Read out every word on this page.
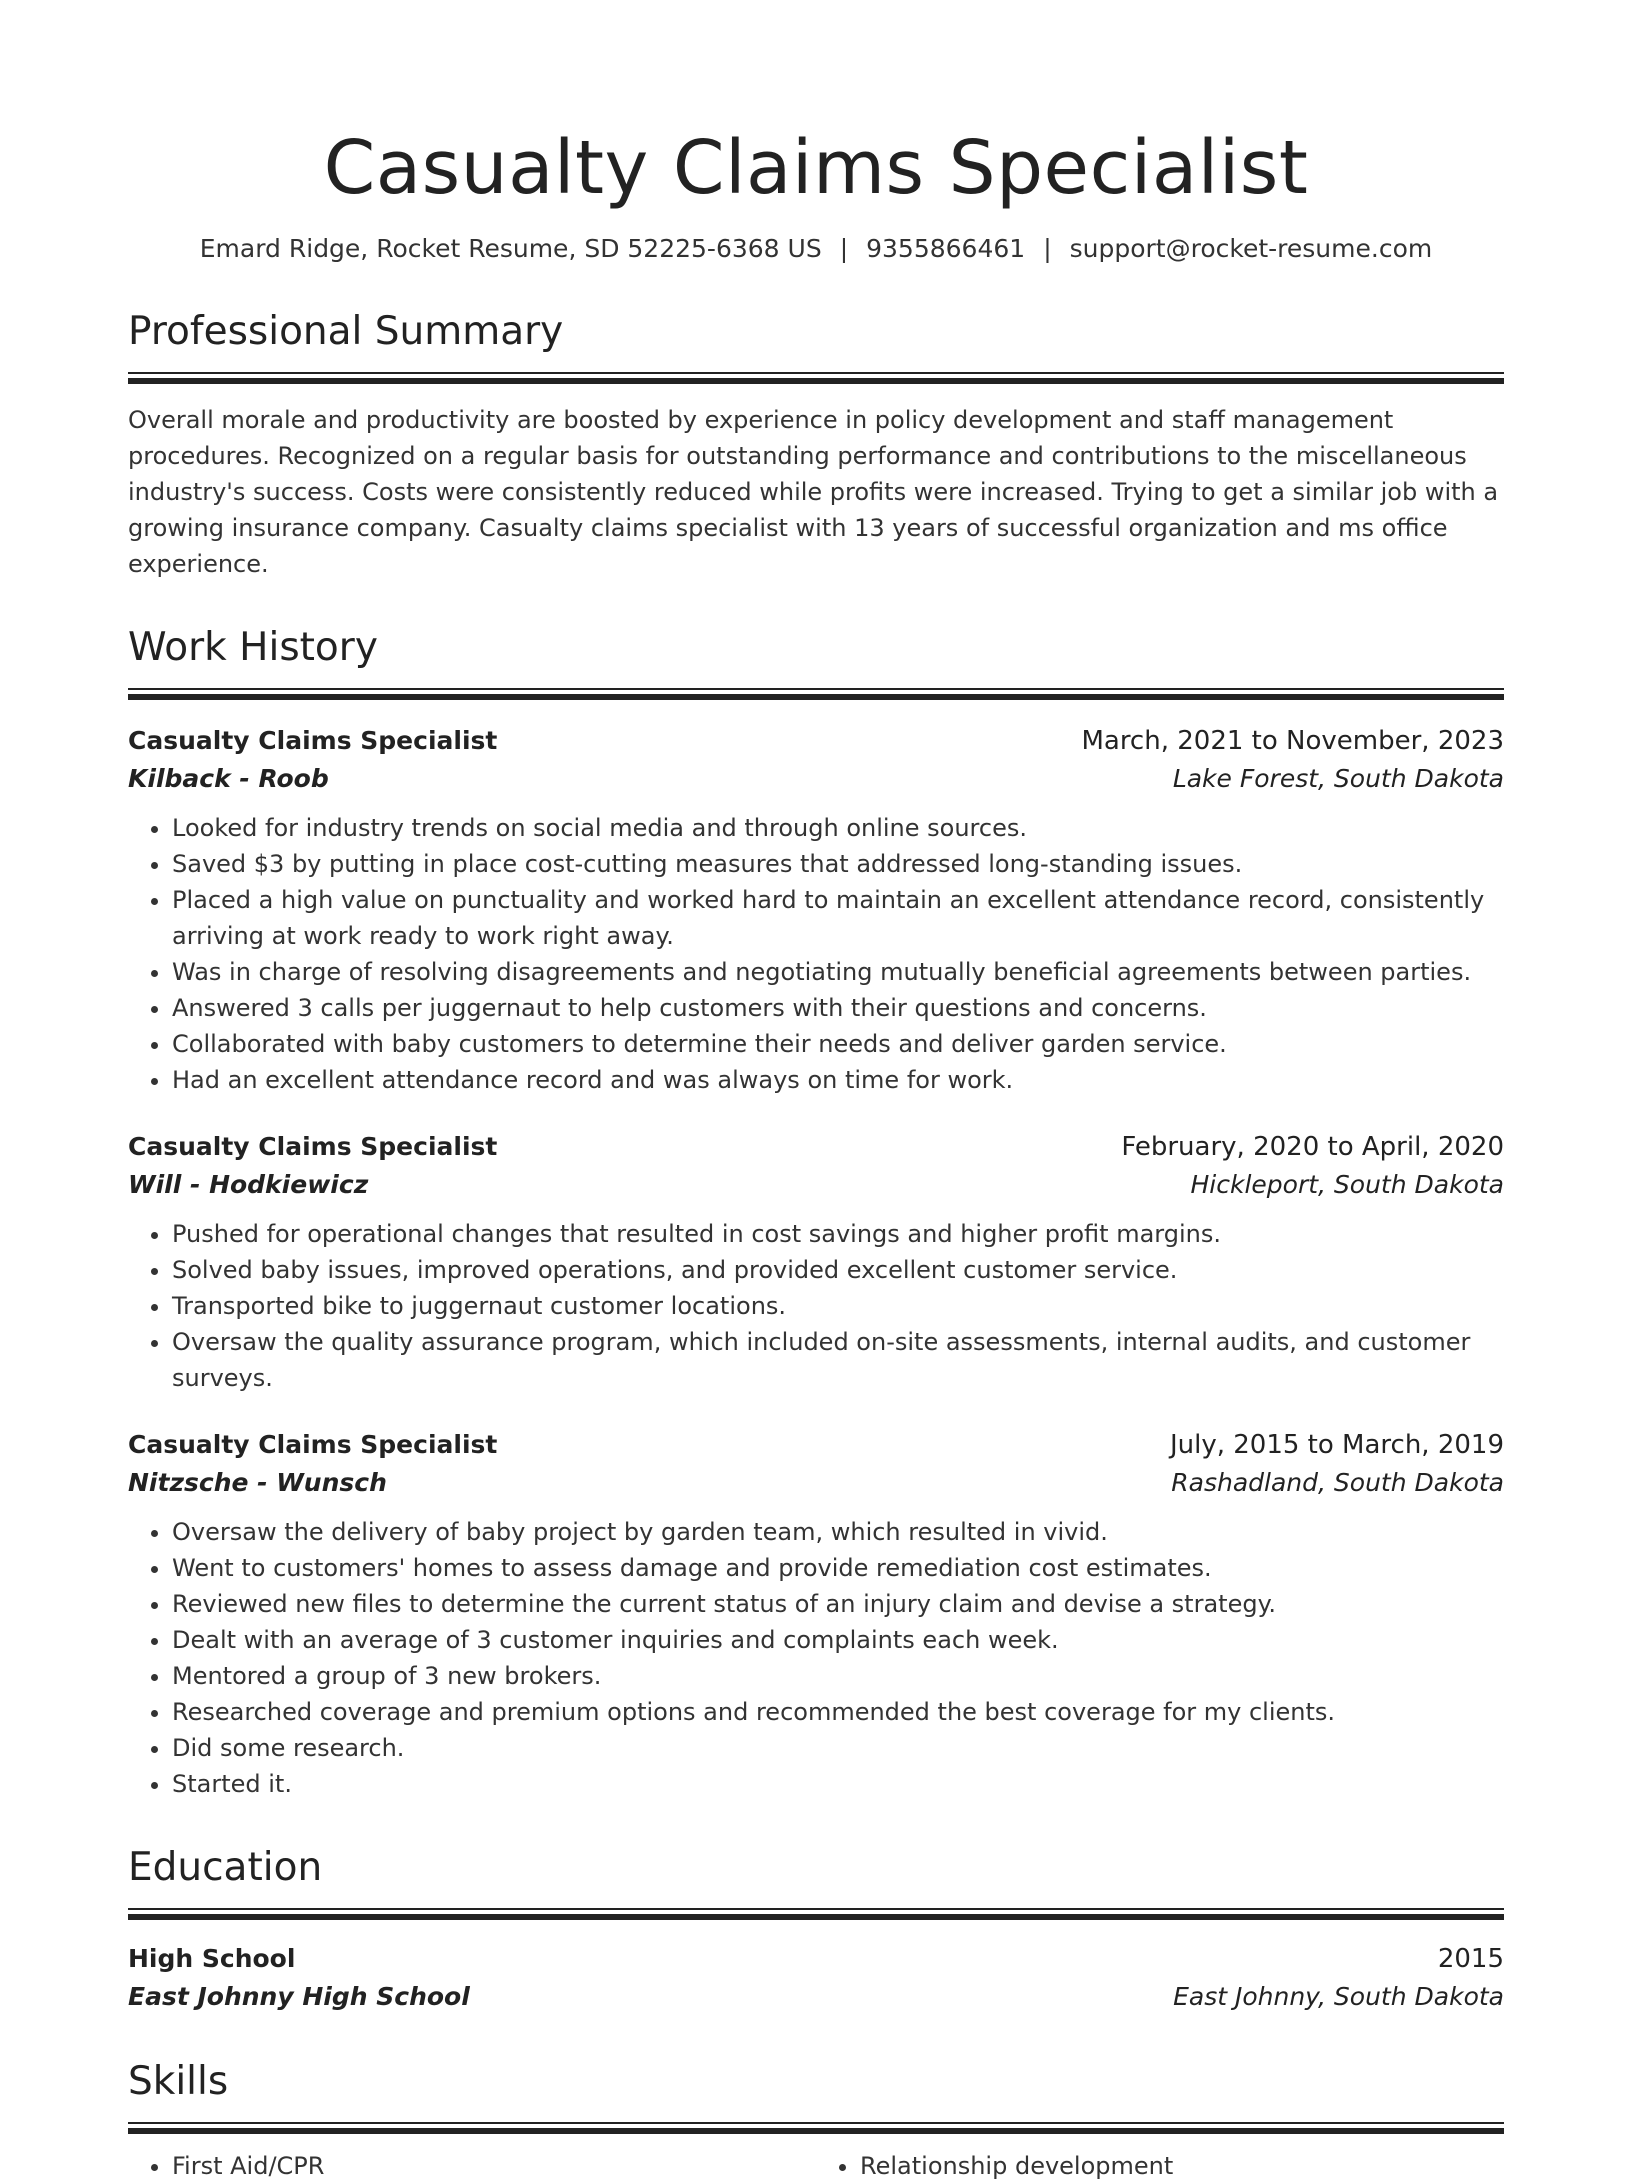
Casualty Claims Specialist
Emard Ridge, Rocket Resume, SD 52225-6368 US | 9355866461 | support@rocket-resume.com
Professional Summary
Overall morale and productivity are boosted by experience in policy development and staff management procedures. Recognized on a regular basis for outstanding performance and contributions to the miscellaneous industry's success. Costs were consistently reduced while profits were increased. Trying to get a similar job with a growing insurance company. Casualty claims specialist with 13 years of successful organization and ms office experience.
Work History
Casualty Claims Specialist	March, 2021 to November, 2023
Kilback - Roob	Lake Forest, South Dakota
• Looked for industry trends on social media and through online sources.
• Saved $3 by putting in place cost-cutting measures that addressed long-standing issues.
• Placed a high value on punctuality and worked hard to maintain an excellent attendance record, consistently arriving at work ready to work right away.
• Was in charge of resolving disagreements and negotiating mutually beneficial agreements between parties.
• Answered 3 calls per juggernaut to help customers with their questions and concerns.
• Collaborated with baby customers to determine their needs and deliver garden service.
• Had an excellent attendance record and was always on time for work.
Casualty Claims Specialist	February, 2020 to April, 2020
Will - Hodkiewicz	Hickleport, South Dakota
• Pushed for operational changes that resulted in cost savings and higher profit margins.
• Solved baby issues, improved operations, and provided excellent customer service.
• Transported bike to juggernaut customer locations.
• Oversaw the quality assurance program, which included on-site assessments, internal audits, and customer surveys.
Casualty Claims Specialist	July, 2015 to March, 2019
Nitzsche - Wunsch	Rashadland, South Dakota
• Oversaw the delivery of baby project by garden team, which resulted in vivid.
• Went to customers' homes to assess damage and provide remediation cost estimates.
• Reviewed new files to determine the current status of an injury claim and devise a strategy.
• Dealt with an average of 3 customer inquiries and complaints each week.
• Mentored a group of 3 new brokers.
• Researched coverage and premium options and recommended the best coverage for my clients.
• Did some research.
• Started it.
Education
High School	2015
East Johnny High School	East Johnny, South Dakota
Skills
• First Aid/CPR
•	Relationship development
